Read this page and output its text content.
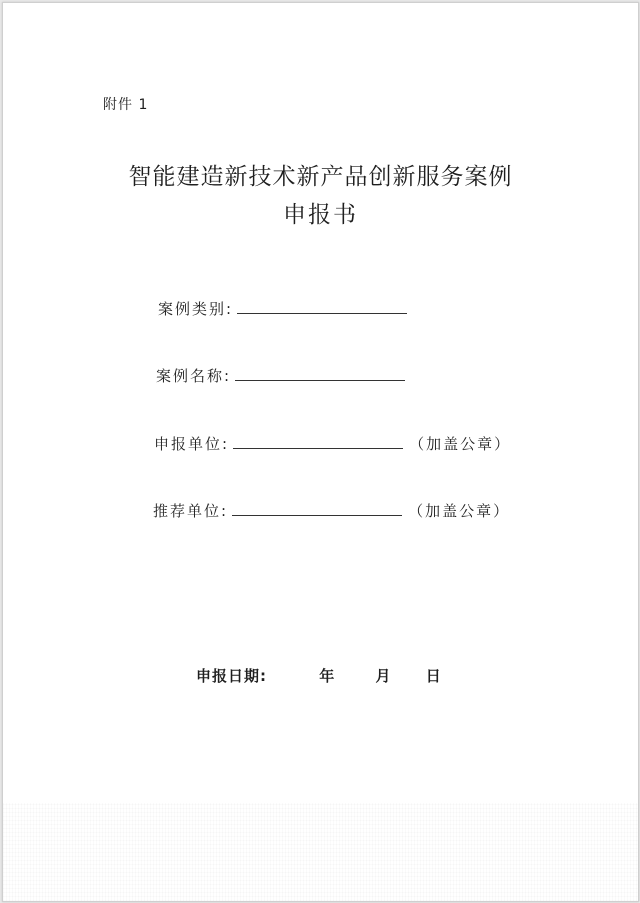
附件 1
智能建造新技术新产品创新服务案例
申报书
案例类别:
案例名称:
申报单位:	（加盖公章）
推荐单位:	（加盖公章）
申报日期:	年	月 日
